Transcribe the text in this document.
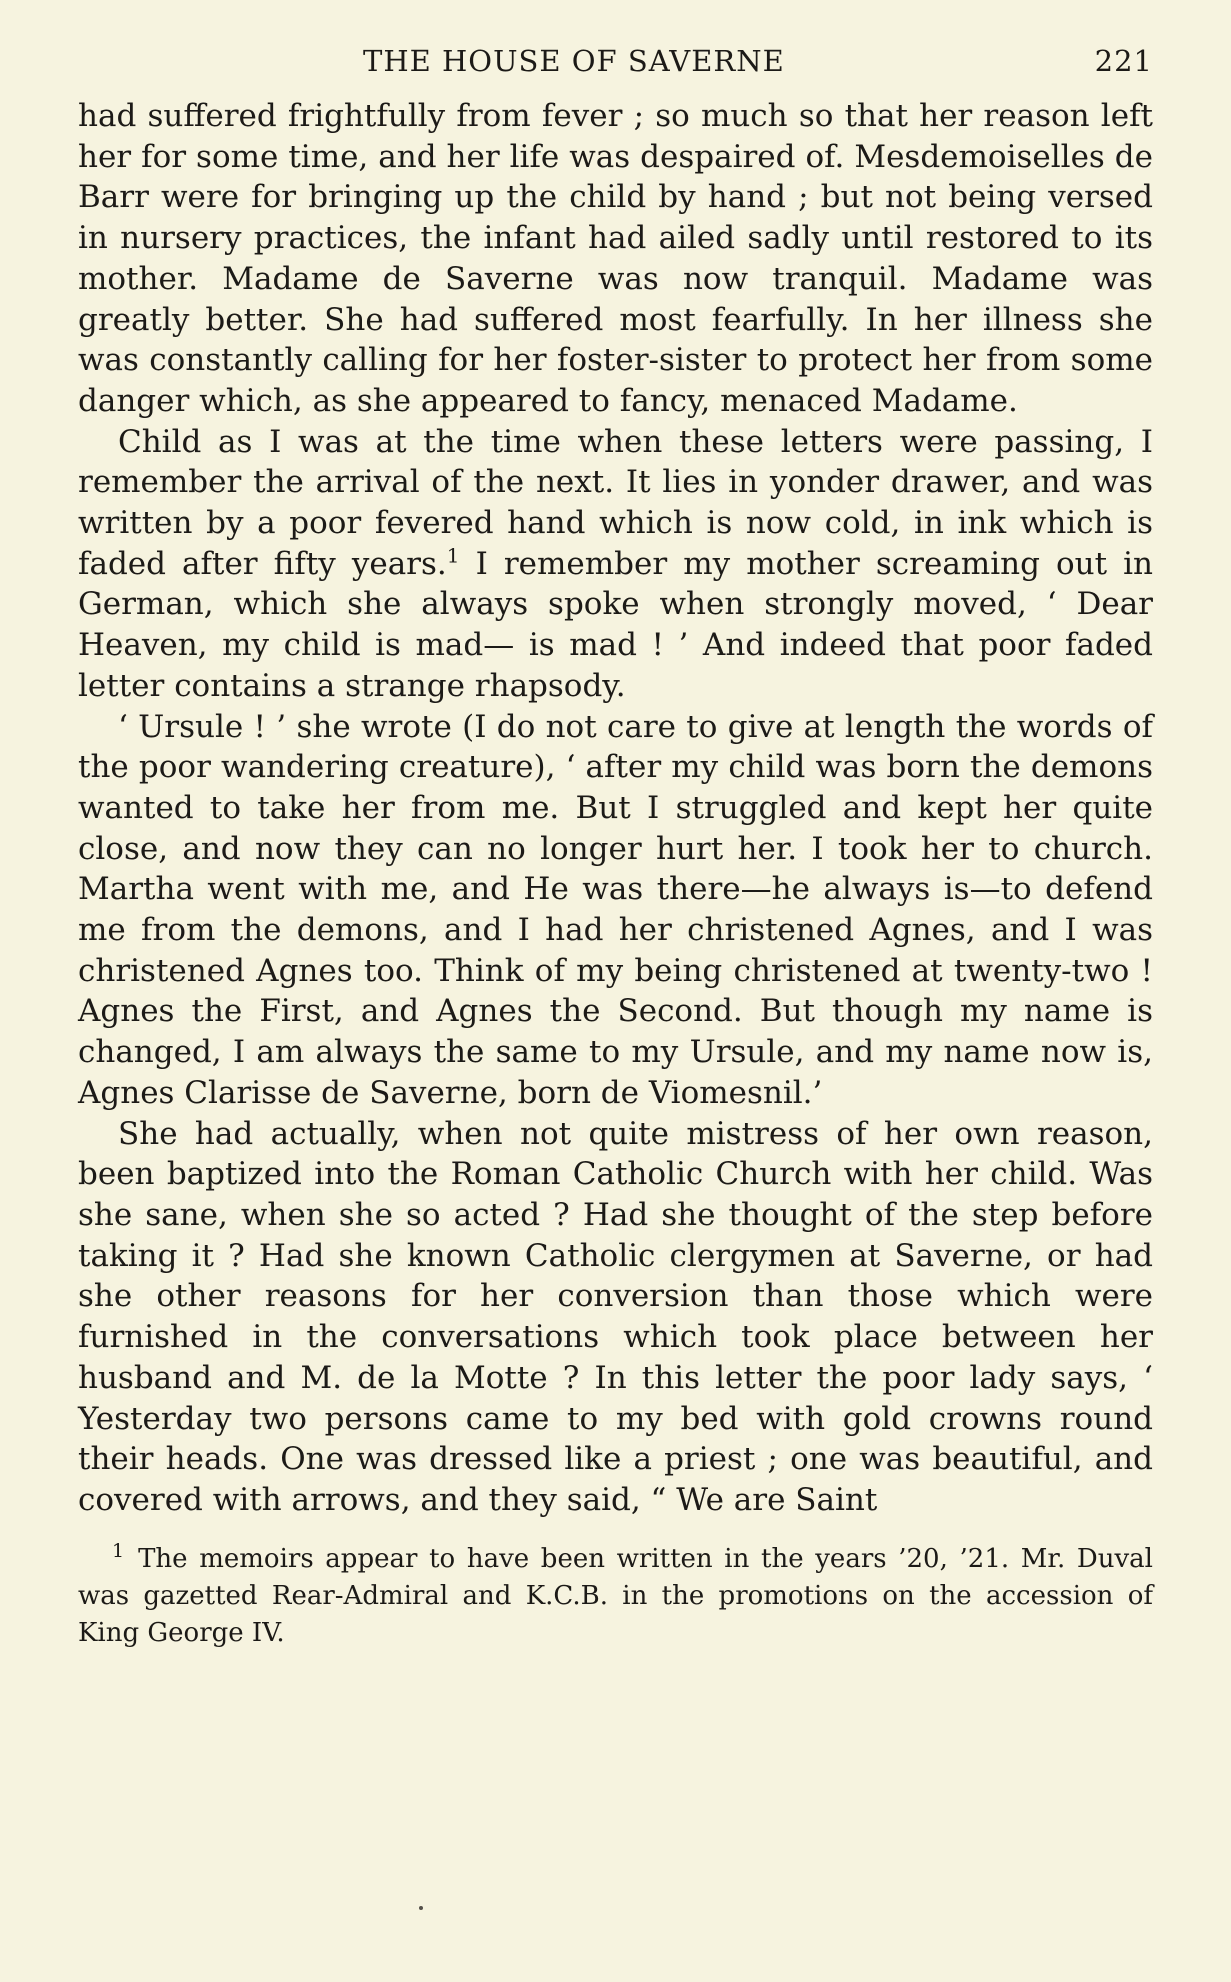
THE HOUSE OF SAVERNE	221

had suffered frightfully from fever ; so much so that her reason left her for some time, and her life was despaired of. Mesdemoiselles de Barr were for bringing up the child by hand ; but not being versed in nursery practices, the infant had ailed sadly until restored to its mother. Madame de Saverne was now tranquil. Madame was greatly better. She had suffered most fearfully. In her illness she was constantly calling for her foster-sister to protect her from some danger which, as she appeared to fancy, menaced Madame.

Child as I was at the time when these letters were passing, I remember the arrival of the next. It lies in yonder drawer, and was written by a poor fevered hand which is now cold, in ink which is faded after fifty years.$^1$ I remember my mother screaming out in German, which she always spoke when strongly moved, ‘ Dear Heaven, my child is mad— is mad ! ’ And indeed that poor faded letter contains a strange rhapsody.

‘ Ursule ! ’ she wrote (I do not care to give at length the words of the poor wandering creature), ‘ after my child was born the demons wanted to take her from me. But I struggled and kept her quite close, and now they can no longer hurt her. I took her to church. Martha went with me, and He was there—he always is—to defend me from the demons, and I had her christened Agnes, and I was christened Agnes too. Think of my being christened at twenty-two ! Agnes the First, and Agnes the Second. But though my name is changed, I am always the same to my Ursule, and my name now is, Agnes Clarisse de Saverne, born de Viomesnil.’

She had actually, when not quite mistress of her own reason, been baptized into the Roman Catholic Church with her child. Was she sane, when she so acted ? Had she thought of the step before taking it ? Had she known Catholic clergymen at Saverne, or had she other reasons for her conversion than those which were furnished in the conversations which took place between her husband and M. de la Motte ? In this letter the poor lady says, ‘ Yesterday two persons came to my bed with gold crowns round their heads. One was dressed like a priest ; one was beautiful, and covered with arrows, and they said, “ We are Saint

$^1$ The memoirs appear to have been written in the years ’20, ’21. Mr. Duval was gazetted Rear-Admiral and K.C.B. in the promotions on the accession of King George IV.
